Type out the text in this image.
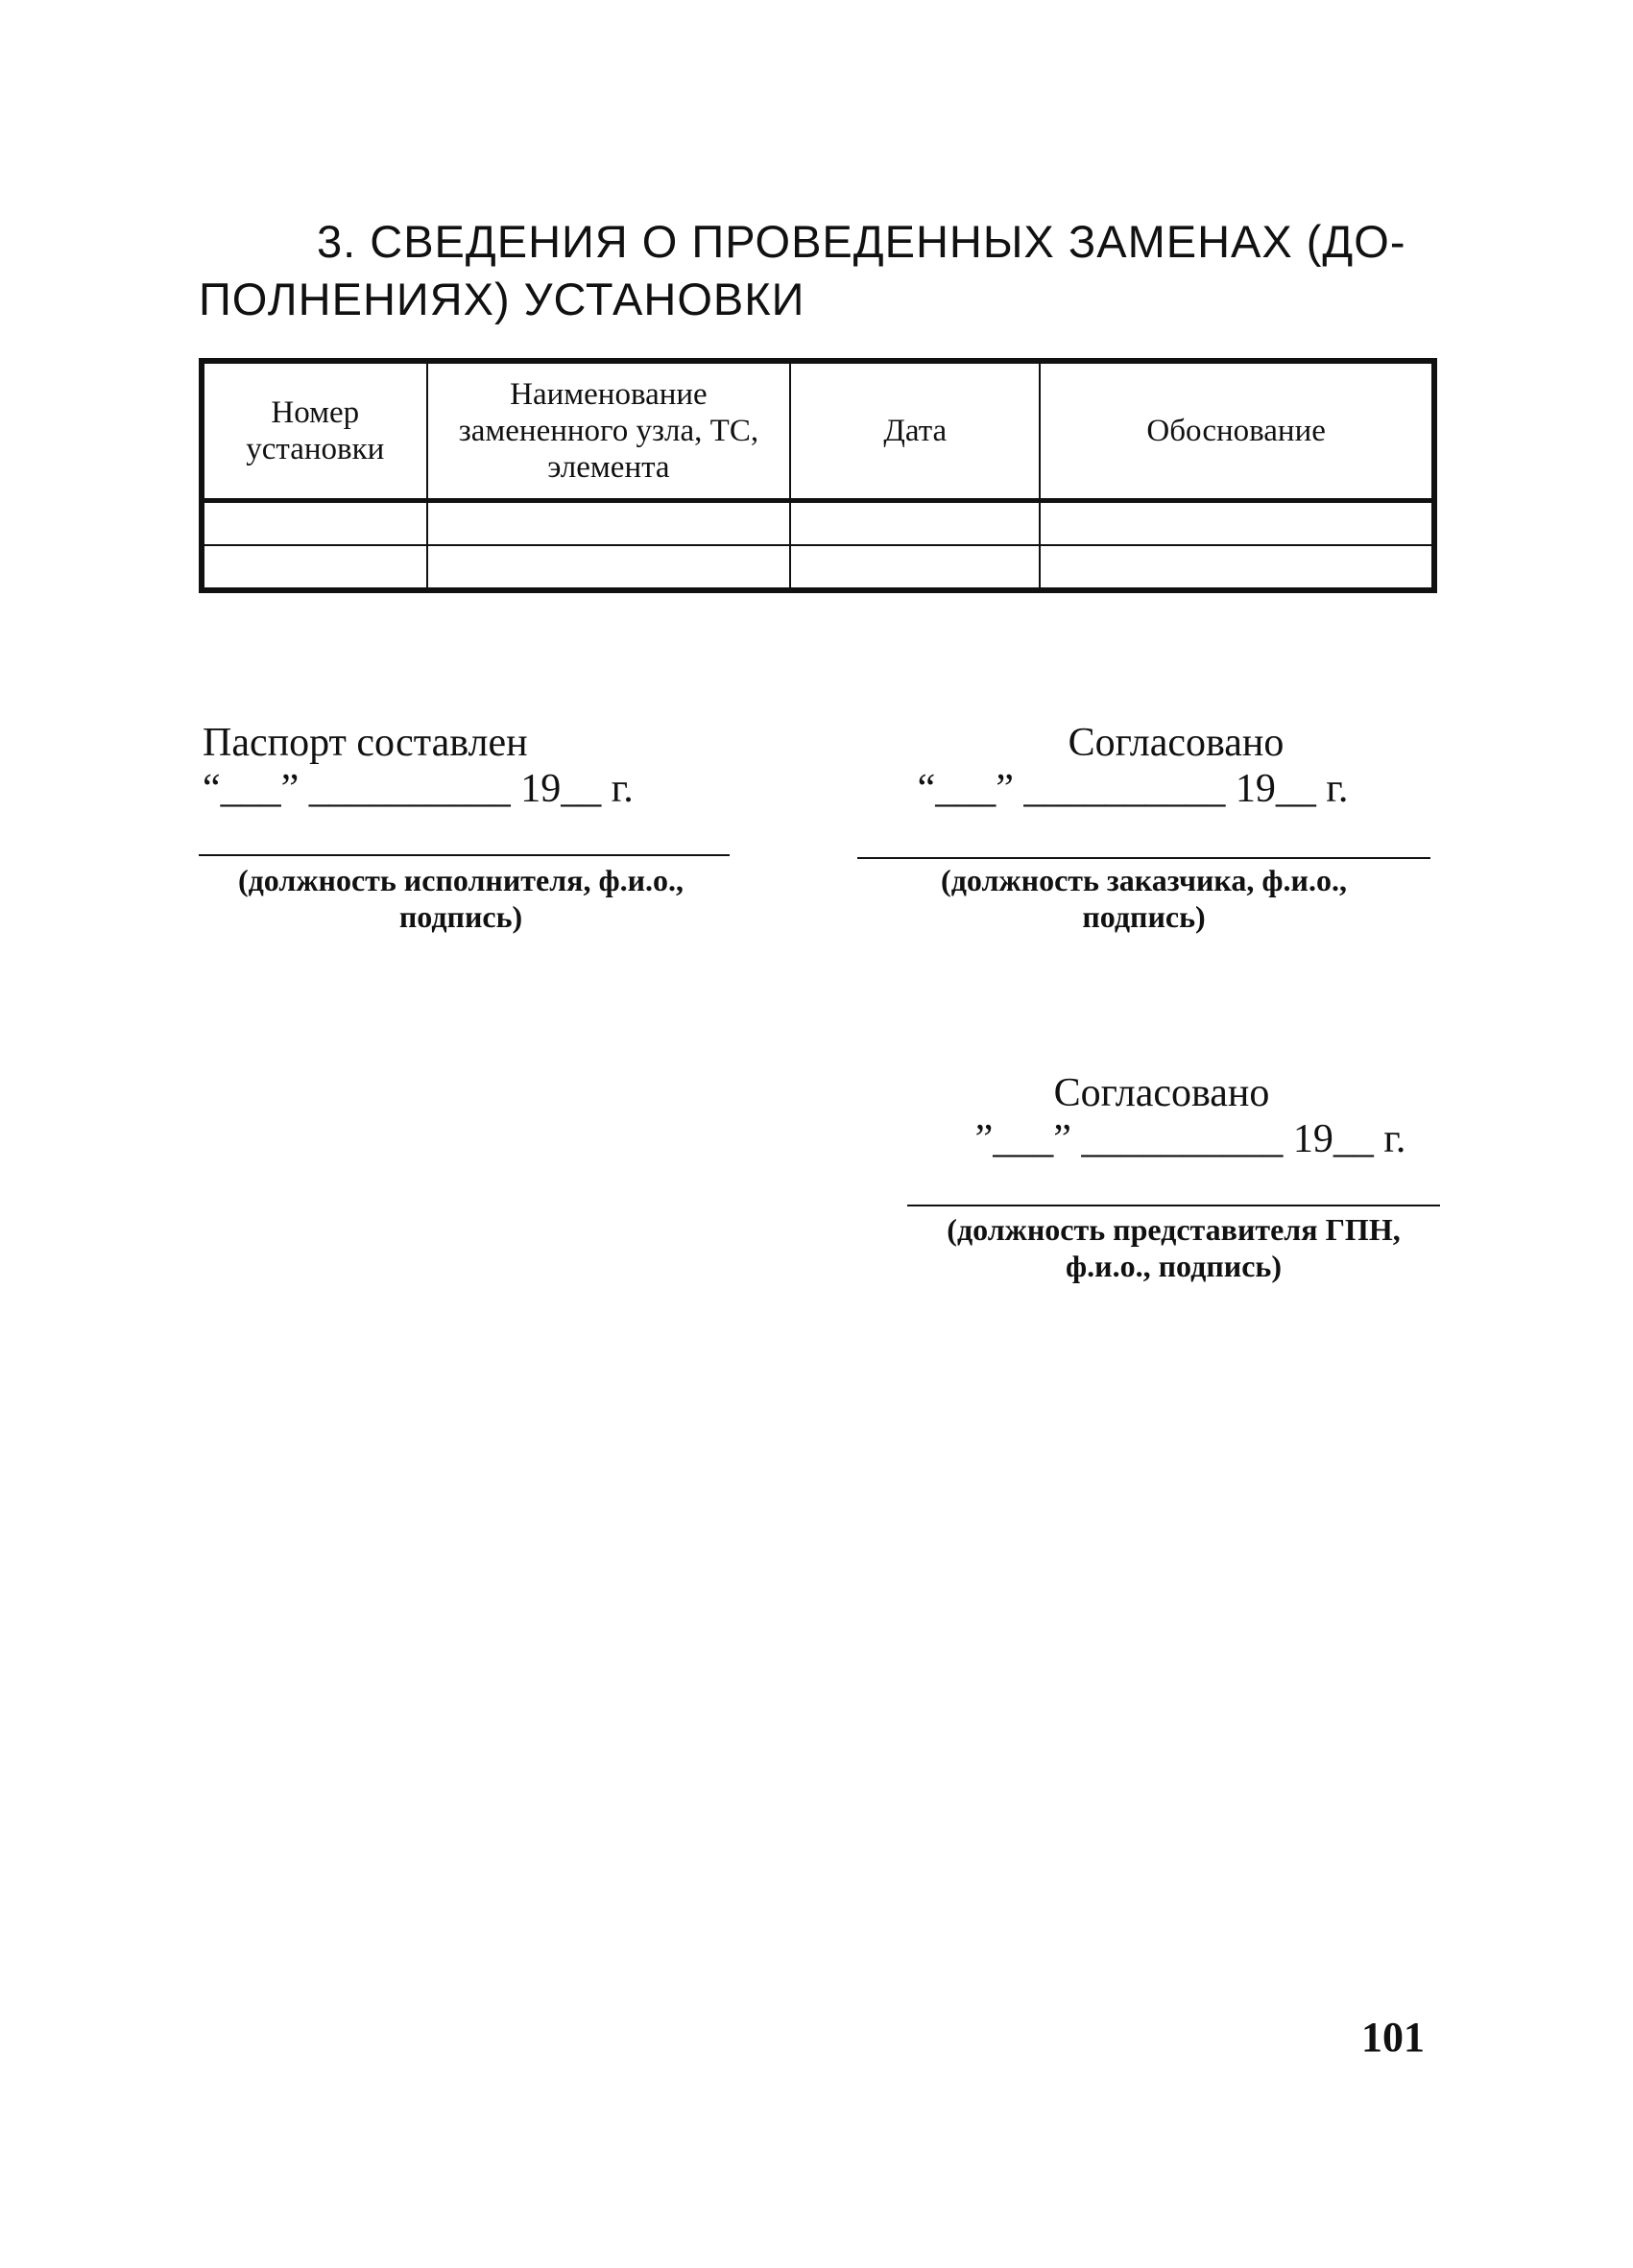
3. СВЕДЕНИЯ О ПРОВЕДЕННЫХ ЗАМЕНАХ (ДО-
ПОЛНЕНИЯХ) УСТАНОВКИ
Номер установки	Наименование замененного узла, ТС, элемента	Дата	Обоснование

Паспорт составлен
“___” __________ 19__ г.
(должность исполнителя, ф.и.о.,
подпись)
Согласовано
“___” __________ 19__ г.
(должность заказчика, ф.и.о.,
подпись)
Согласовано
”___” __________ 19__ г.
(должность представителя ГПН,
ф.и.о., подпись)
101
